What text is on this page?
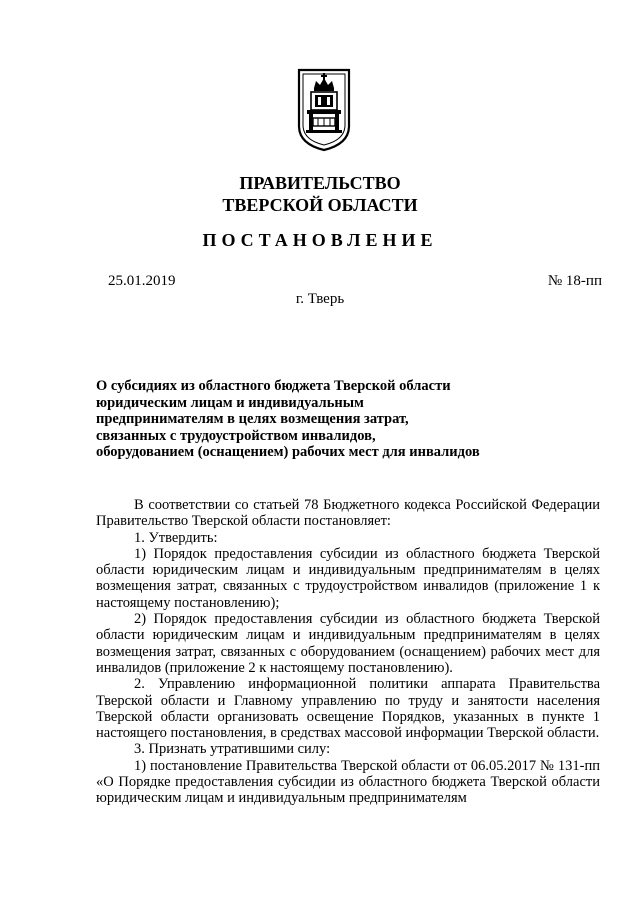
ПРАВИТЕЛЬСТВО
ТВЕРСКОЙ ОБЛАСТИ
ПОСТАНОВЛЕНИЕ
25.01.2019	№ 18-пп
г. Тверь
О субсидиях из областного бюджета Тверской области
юридическим лицам и индивидуальным
предпринимателям в целях возмещения затрат,
связанных с трудоустройством инвалидов,
оборудованием (оснащением) рабочих мест для инвалидов

В соответствии со статьей 78 Бюджетного кодекса Российской Федерации Правительство Тверской области постановляет:

1. Утвердить:

1) Порядок предоставления субсидии из областного бюджета Тверской области юридическим лицам и индивидуальным предпринимателям в целях возмещения затрат, связанных с трудоустройством инвалидов (приложение 1 к настоящему постановлению);

2) Порядок предоставления субсидии из областного бюджета Тверской области юридическим лицам и индивидуальным предпринимателям в целях возмещения затрат, связанных с оборудованием (оснащением) рабочих мест для инвалидов (приложение 2 к настоящему постановлению).

2. Управлению информационной политики аппарата Правительства Тверской области и Главному управлению по труду и занятости населения Тверской области организовать освещение Порядков, указанных в пункте 1 настоящего постановления, в средствах массовой информации Тверской области.

3. Признать утратившими силу:

1) постановление Правительства Тверской области от 06.05.2017 № 131-пп «О Порядке предоставления субсидии из областного бюджета Тверской области юридическим лицам и индивидуальным предпринимателям
